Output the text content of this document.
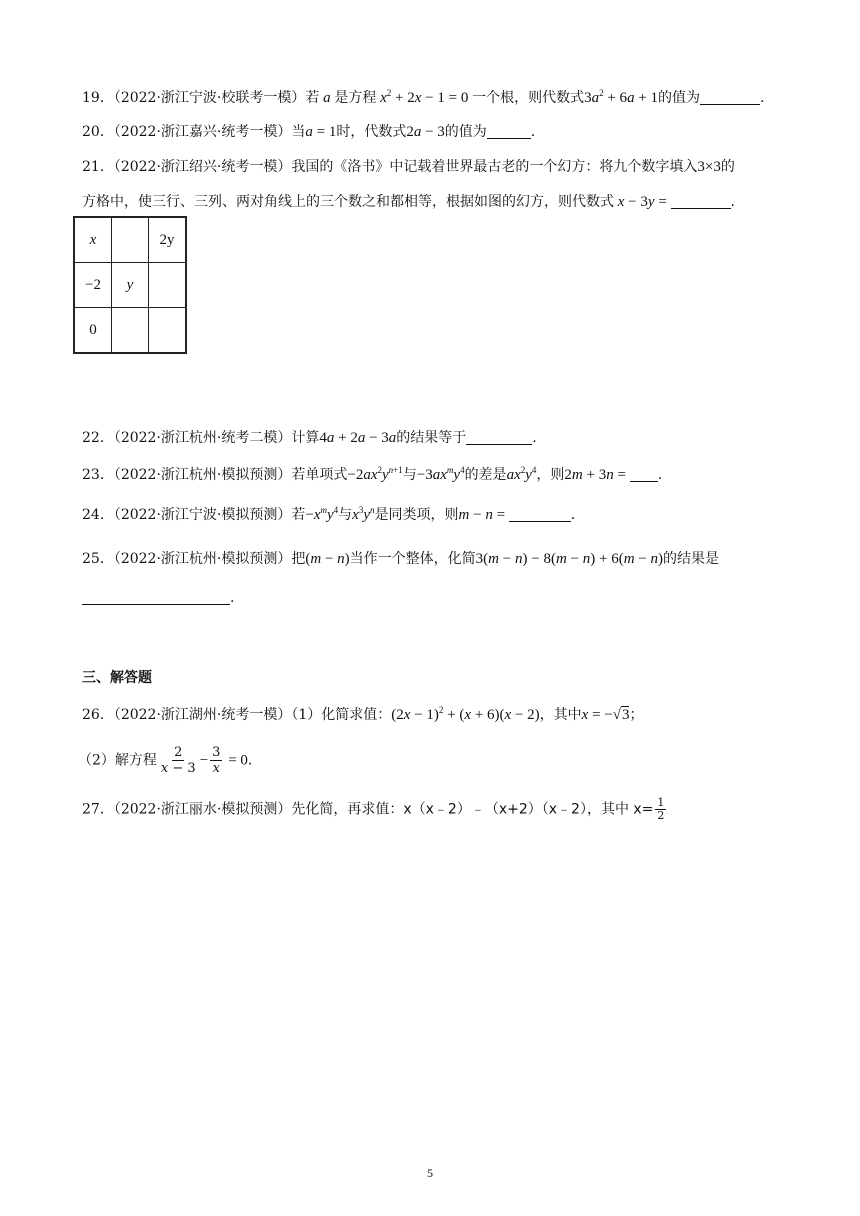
19．（2022·浙江宁波·校联考一模）若 a 是方程 $x^2 + 2x - 1 = 0$ 一个根，则代数式$3a^2 + 6a + 1$的值为	.
20．（2022·浙江嘉兴·统考一模）当a = 1时，代数式2a − 3的值为	.
21．（2022·浙江绍兴·统考一模）我国的《洛书》中记载着世界最古老的一个幻方：将九个数字填入3×3的
方格中，使三行、三列、两对角线上的三个数之和都相等，根据如图的幻方，则代数式 x − 3y =	.
x		2y
−2	y	
0		
22．（2022·浙江杭州·统考二模）计算4a + 2a − 3a的结果等于	.
23．（2022·浙江杭州·模拟预测）若单项式$-2ax^2y^{n+1}$与$-3ax^my^4$的差是$ax^2y^4$，则2m + 3n = .
24．（2022·浙江宁波·模拟预测）若$-x^my^4$与$x^3y^n$是同类项，则m − n =	.
25．（2022·浙江杭州·模拟预测）把(m − n)当作一个整体，化简3(m − n) − 8(m − n) + 6(m − n)的结果是
.
三、解答题
26．（2022·浙江湖州·统考一模）（1）化简求值：$(2x - 1)^2 + (x + 6)(x - 2)$，其中x = −√3；
（2）解方程 $\frac{2}{x - 3} - \frac{3}{x} = 0$.
27．（2022·浙江丽水·模拟预测）先化简，再求值：x（x﹣2）﹣（x+2）（x﹣2），其中 $x= \frac{1}{2}$
5
